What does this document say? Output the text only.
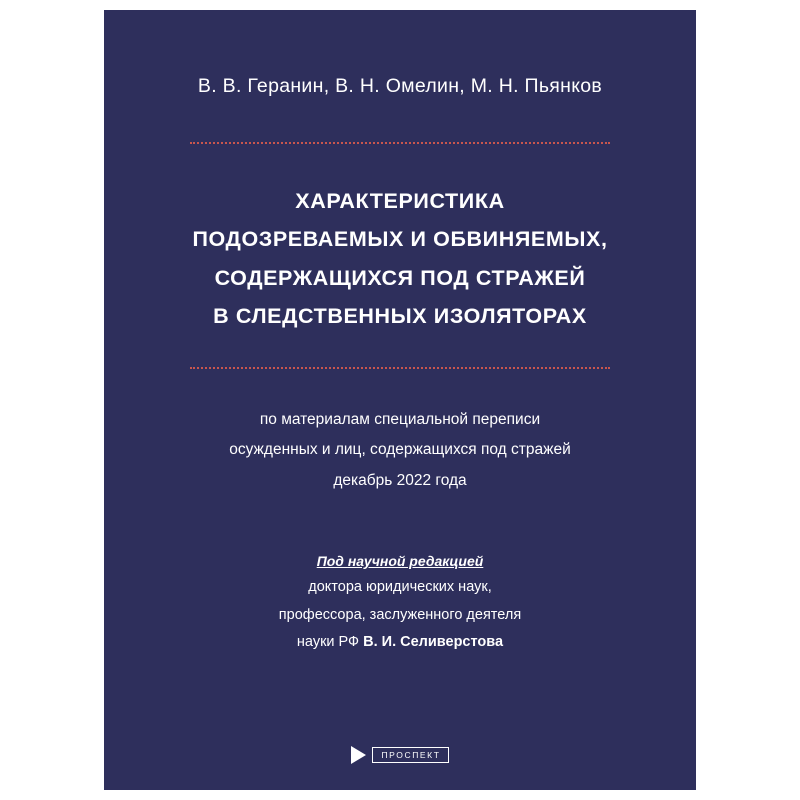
В. В. Геранин, В. Н. Омелин, М. Н. Пьянков
ХАРАКТЕРИСТИКА
ПОДОЗРЕВАЕМЫХ И ОБВИНЯЕМЫХ,
СОДЕРЖАЩИХСЯ ПОД СТРАЖЕЙ
В СЛЕДСТВЕННЫХ ИЗОЛЯТОРАХ
по материалам специальной переписи
осужденных и лиц, содержащихся под стражей
декабрь 2022 года
Под научной редакцией
доктора юридических наук,
профессора, заслуженного деятеля
науки РФ В. И. Селиверстова
ПРОСПЕКТ
